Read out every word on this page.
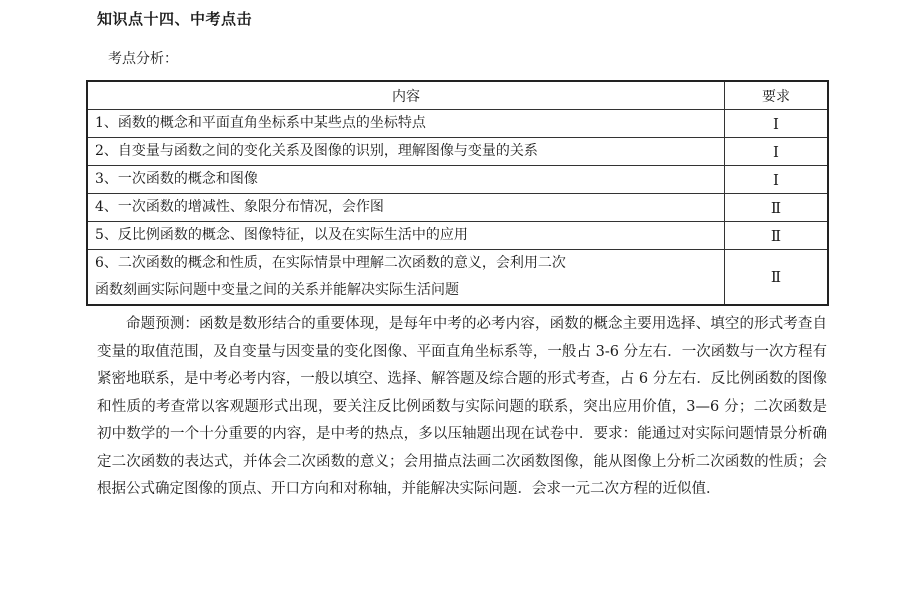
知识点十四、中考点击
考点分析：
内容	要求
1、函数的概念和平面直角坐标系中某些点的坐标特点	Ⅰ
2、自变量与函数之间的变化关系及图像的识别，理解图像与变量的关系	Ⅰ
3、一次函数的概念和图像	Ⅰ
4、一次函数的增减性、象限分布情况，会作图	Ⅱ
5、反比例函数的概念、图像特征，以及在实际生活中的应用	Ⅱ

6、二次函数的概念和性质，在实际情景中理解二次函数的意义，会利用二次
函数刻画实际问题中变量之间的关系并能解决实际生活问题	Ⅱ

命题预测：函数是数形结合的重要体现，是每年中考的必考内容，函数的概念主要用选择、填空的形式考查自变量的取值范围，及自变量与因变量的变化图像、平面直角坐标系等，一般占 3-6 分左右．一次函数与一次方程有紧密地联系，是中考必考内容，一般以填空、选择、解答题及综合题的形式考查，占 6 分左右．反比例函数的图像和性质的考查常以客观题形式出现，要关注反比例函数与实际问题的联系，突出应用价值，3—6 分；二次函数是初中数学的一个十分重要的内容，是中考的热点，多以压轴题出现在试卷中．要求：能通过对实际问题情景分析确定二次函数的表达式，并体会二次函数的意义；会用描点法画二次函数图像，能从图像上分析二次函数的性质；会根据公式确定图像的顶点、开口方向和对称轴，并能解决实际问题．会求一元二次方程的近似值．
